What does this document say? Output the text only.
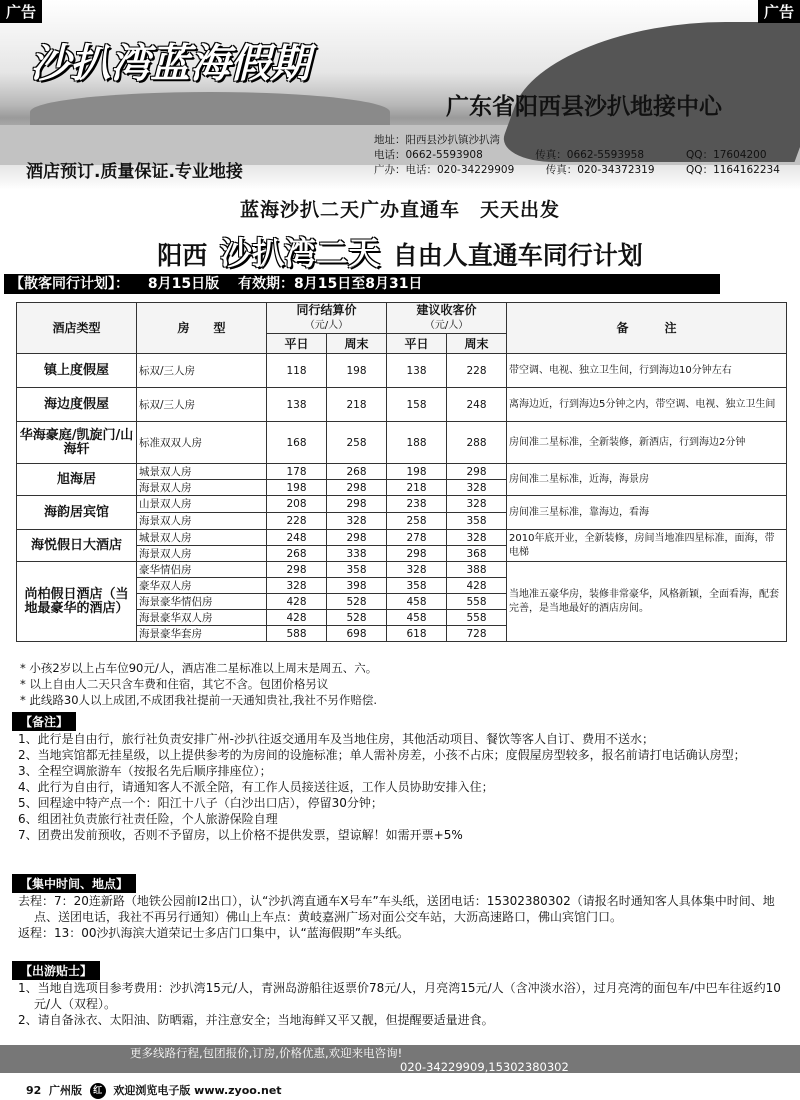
沙扒湾蓝海假期
广东省阳西县沙扒地接中心
地址：阳西县沙扒镇沙扒湾
电话：0662-5593908　　　　　传真：0662-5593958　　　　QQ：17604200
广办：电话：020-34229909　　　传真：020-34372319　　　QQ：1164162234
酒店预订.质量保证.专业地接
广告	广告
蓝海沙扒二天广办直通车　天天出发
阳西 沙扒湾二天 自由人直通车同行计划
【散客同行计划】： 8月15日版 有效期：8月15日至8月31日
酒店类型	房　　型	同行结算价
（元/人）		建议收客价
（元/人）		备　　　注
		平日	周末	平日	周末	
镇上度假屋	标双/三人房	118	198	138	228	带空调、电视、独立卫生间，行到海边10分钟左右
海边度假屋	标双/三人房	138	218	158	248	离海边近，行到海边5分钟之内，带空调、电视、独立卫生间
华海豪庭/凯旋门/山海轩	标准双双人房	168	258	188	288	房间准二星标准，全新装修，新酒店，行到海边2分钟
旭海居	城景双人房	178	268	198	298	房间准二星标准，近海，海景房
	海景双人房	198	298	218	328	
海韵居宾馆	山景双人房	208	298	238	328	房间准三星标准，靠海边，看海
	海景双人房	228	328	258	358	
海悦假日大酒店	城景双人房	248	298	278	328	2010年底开业，全新装修，房间当地准四星标准，面海，带电梯
	海景双人房	268	338	298	368	
尚柏假日酒店（当地最豪华的酒店）	豪华情侣房	298	358	328	388	当地准五豪华房，装修非常豪华，风格新颖，全面看海，配套完善，是当地最好的酒店房间。
	豪华双人房	328	398	358	428	
	海景豪华情侣房	428	528	458	558	
	海景豪华双人房	428	528	458	558	
	海景豪华套房	588	698	618	728	
* 小孩2岁以上占车位90元/人，酒店准二星标准以上周末是周五、六。
* 以上自由人二天只含车费和住宿，其它不含。包团价格另议
* 此线路30人以上成团,不成团我社提前一天通知贵社,我社不另作赔偿.
【备注】
1、此行是自由行，旅行社负责安排广州-沙扒往返交通用车及当地住房，其他活动项目、餐饮等客人自订、费用不送水；
2、当地宾馆都无挂星级，以上提供参考的为房间的设施标准；单人需补房差，小孩不占床；度假屋房型较多，报名前请打电话确认房型；
3、全程空调旅游车（按报名先后顺序排座位）；
4、此行为自由行，请通知客人不派全陪，有工作人员接送往返，工作人员协助安排入住；
5、回程途中特产点一个：阳江十八子（白沙出口店），停留30分钟；
6、组团社负责旅行社责任险，个人旅游保险自理
7、团费出发前预收，否则不予留房，以上价格不提供发票，望谅解！如需开票+5%
【集中时间、地点】
去程：7：20连新路（地铁公园前I2出口），认“沙扒湾直通车X号车”车头纸，送团电话：15302380302（请报名时通知客人具体集中时间、地点、送团电话，我社不再另行通知）佛山上车点：黄岐嘉洲广场对面公交车站，大沥高速路口，佛山宾馆门口。
返程：13：00沙扒海滨大道荣记士多店门口集中，认“蓝海假期”车头纸。
【出游贴士】
1、当地自选项目参考费用：沙扒湾15元/人，青洲岛游船往返票价78元/人，月亮湾15元/人（含冲淡水浴），过月亮湾的面包车/中巴车往返约10元/人（双程）。
2、请自备泳衣、太阳油、防晒霜，并注意安全；当地海鲜又平又靓，但提醒要适量进食。
更多线路行程,包团报价,订房,价格优惠,欢迎来电咨询!
020-34229909,15302380302
92 广州版 红 欢迎浏览电子版 www.zyoo.net
